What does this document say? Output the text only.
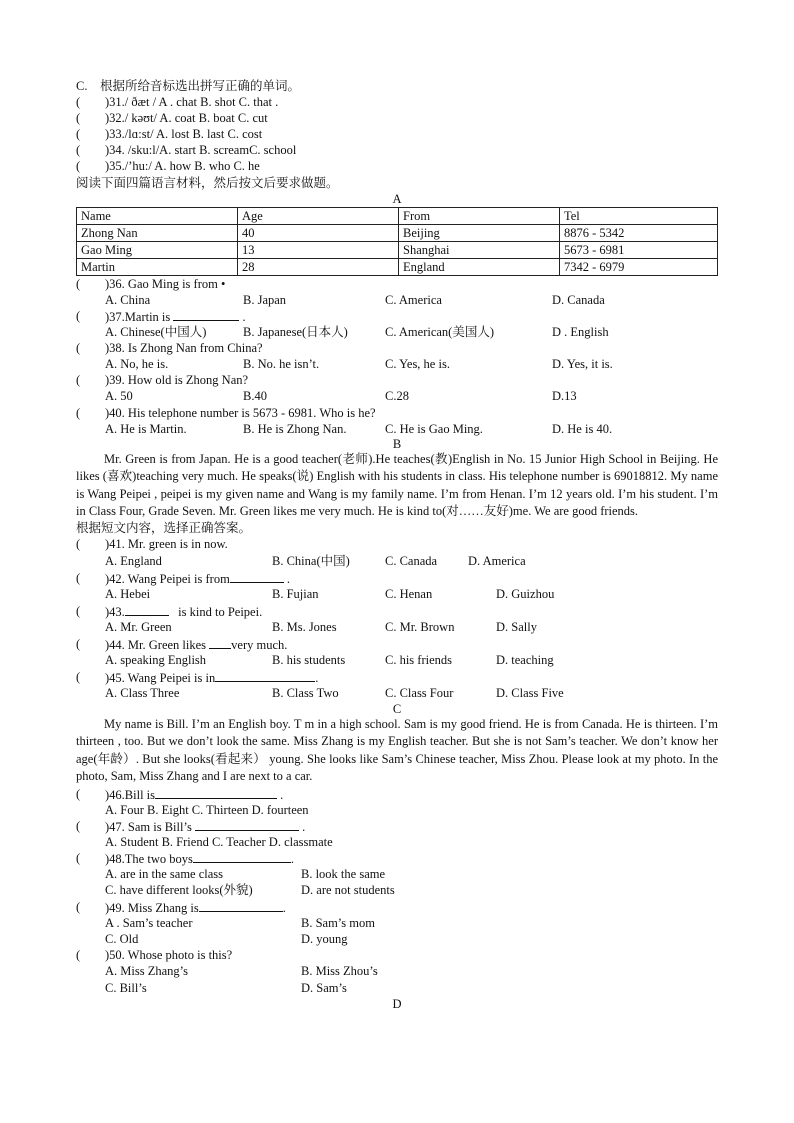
C.　根据所给音标选出拼写正确的单词。
( )31./ ðæt / A . chat B. shot C. that .
( )32./ kəʊt/ A. coat B. boat C. cut
( )33./lɑ:st/ A. lost B. last C. cost
( )34. /sku:l/A. start B. screamC. school
( )35./’hu:/ A. how B. who C. he
阅读下面四篇语言材料，然后按文后要求做题。
A
Name	Age	From	Tel
Zhong Nan	40	Beijing	8876 - 5342
Gao Ming	13	Shanghai	5673 - 6981
Martin	28	England	7342 - 6979
( )36. Gao Ming is from •
A. China	B. Japan	C. America	D. Canada
( )37.Martin is	.
A. Chinese(中国人)	B. Japanese(日本人)	C. American(美国人)	D . English
( )38. Is Zhong Nan from China?
A. No, he is.	B. No. he isn’t.	C. Yes, he is.	D. Yes, it is.
( )39. How old is Zhong Nan?
A. 50	B.40	C.28	D.13
( )40. His telephone number is 5673 - 6981. Who is he?
A. He is Martin.	B. He is Zhong Nan.	C. He is Gao Ming.	D. He is 40.
B

Mr. Green is from Japan. He is a good teacher(老师).He teaches(教)English in No. 15 Junior High School in Beijing. He likes (喜欢)teaching very much. He speaks(说) English with his students in class. His telephone number is 69018812. My name is Wang Peipei , peipei is my given name and Wang is my family name. I’m from Henan. I’m 12 years old. I’m his student. I’m in Class Four, Grade Seven. Mr. Green likes me very much. He is kind to(对……友好)me. We are good friends.

根据短文内容，选择正确答案。
( )41. Mr. green is in now.
A. England	B. China(中国)	C. Canada D. America
( )42. Wang Peipei is from	.
A. Hebei	B. Fujian	C. Henan	D. Guizhou
( )43.	is kind to Peipei.
A. Mr. Green	B. Ms. Jones	C. Mr. Brown	D. Sally
( )44. Mr. Green likes very much.
A. speaking English	B. his students	C. his friends	D. teaching
( )45. Wang Peipei is in	.
A. Class Three	B. Class Two	C. Class Four	D. Class Five
C

My name is Bill. I’m an English boy. T m in a high school. Sam is my good friend. He is from Canada. He is thirteen. I’m thirteen , too. But we don’t look the same. Miss Zhang is my English teacher. But she is not Sam’s teacher. We don’t know her age(年龄）. But she looks(看起来） young. She looks like Sam’s Chinese teacher, Miss Zhou. Please look at my photo. In the photo, Sam, Miss Zhang and I are next to a car.

( )46.Bill is	.
A. Four B. Eight C. Thirteen D. fourteen
( )47. Sam is Bill’s	.
A. Student B. Friend C. Teacher D. classmate
( )48.The two boys	.
A. are in the same class	B. look the same
C. have different looks(外貌)	D. are not students
( )49. Miss Zhang is	.
A . Sam’s teacher	B. Sam’s mom
C. Old	D. young
( )50. Whose photo is this?
A. Miss Zhang’s	B. Miss Zhou’s
C. Bill’s	D. Sam’s
D
